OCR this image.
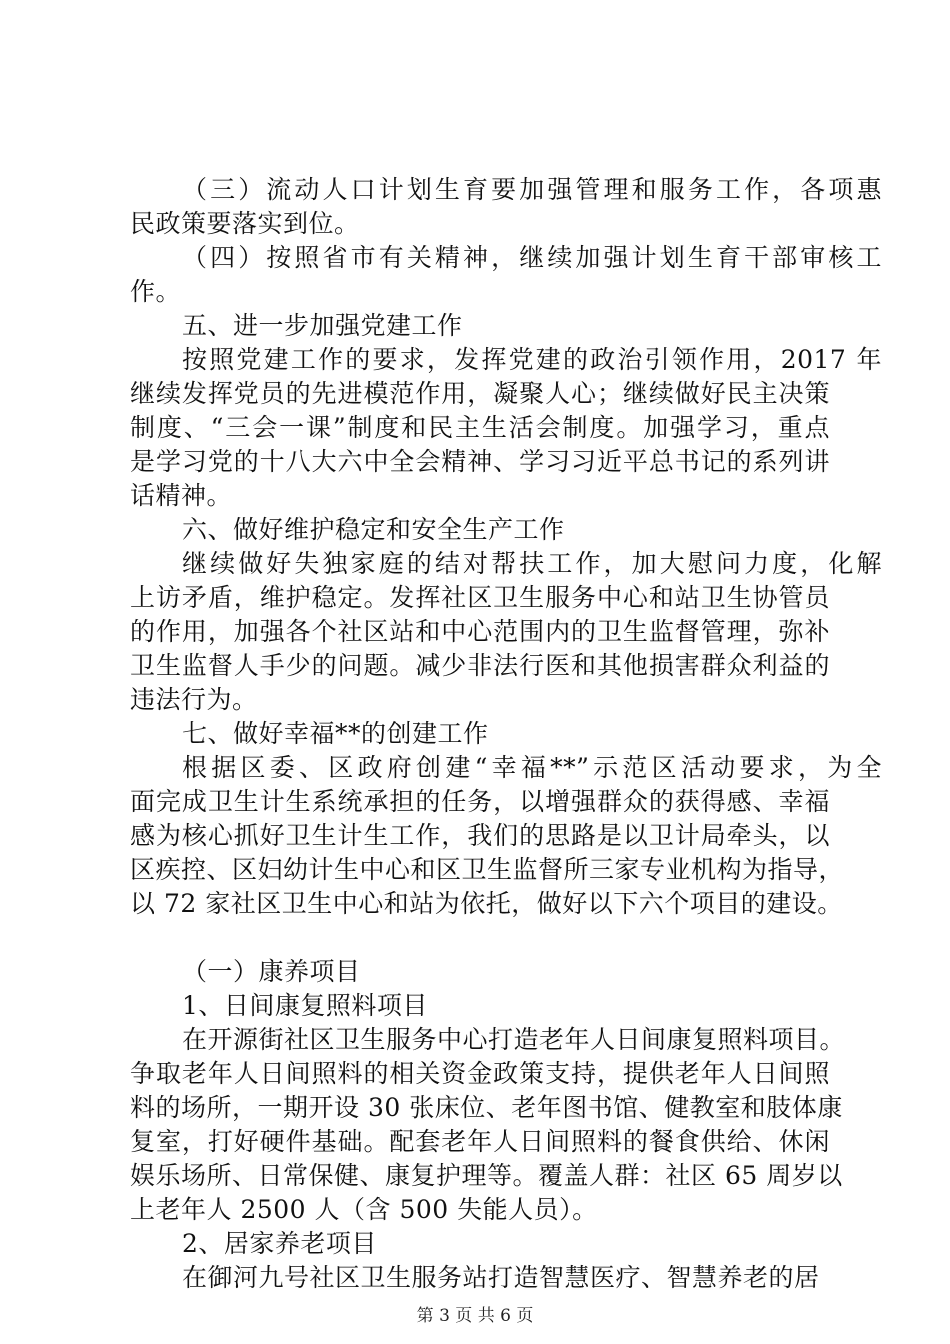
（三）流动人口计划生育要加强管理和服务工作，各项惠
民政策要落实到位。
（四）按照省市有关精神，继续加强计划生育干部审核工
作。
五、进一步加强党建工作
按照党建工作的要求，发挥党建的政治引领作用，2017 年
继续发挥党员的先进模范作用，凝聚人心；继续做好民主决策
制度、“三会一课”制度和民主生活会制度。加强学习，重点
是学习党的十八大六中全会精神、学习习近平总书记的系列讲
话精神。
六、做好维护稳定和安全生产工作
继续做好失独家庭的结对帮扶工作，加大慰问力度，化解
上访矛盾，维护稳定。发挥社区卫生服务中心和站卫生协管员
的作用，加强各个社区站和中心范围内的卫生监督管理，弥补
卫生监督人手少的问题。减少非法行医和其他损害群众利益的
违法行为。
七、做好幸福**的创建工作
根据区委、区政府创建“幸福**”示范区活动要求，为全
面完成卫生计生系统承担的任务，以增强群众的获得感、幸福
感为核心抓好卫生计生工作，我们的思路是以卫计局牵头，以
区疾控、区妇幼计生中心和区卫生监督所三家专业机构为指导，
以 72 家社区卫生中心和站为依托，做好以下六个项目的建设。
（一）康养项目
1、日间康复照料项目
在开源街社区卫生服务中心打造老年人日间康复照料项目。
争取老年人日间照料的相关资金政策支持，提供老年人日间照
料的场所，一期开设 30 张床位、老年图书馆、健教室和肢体康
复室，打好硬件基础。配套老年人日间照料的餐食供给、休闲
娱乐场所、日常保健、康复护理等。覆盖人群：社区 65 周岁以
上老年人 2500 人（含 500 失能人员）。
2、居家养老项目
在御河九号社区卫生服务站打造智慧医疗、智慧养老的居
第 3 页 共 6 页
